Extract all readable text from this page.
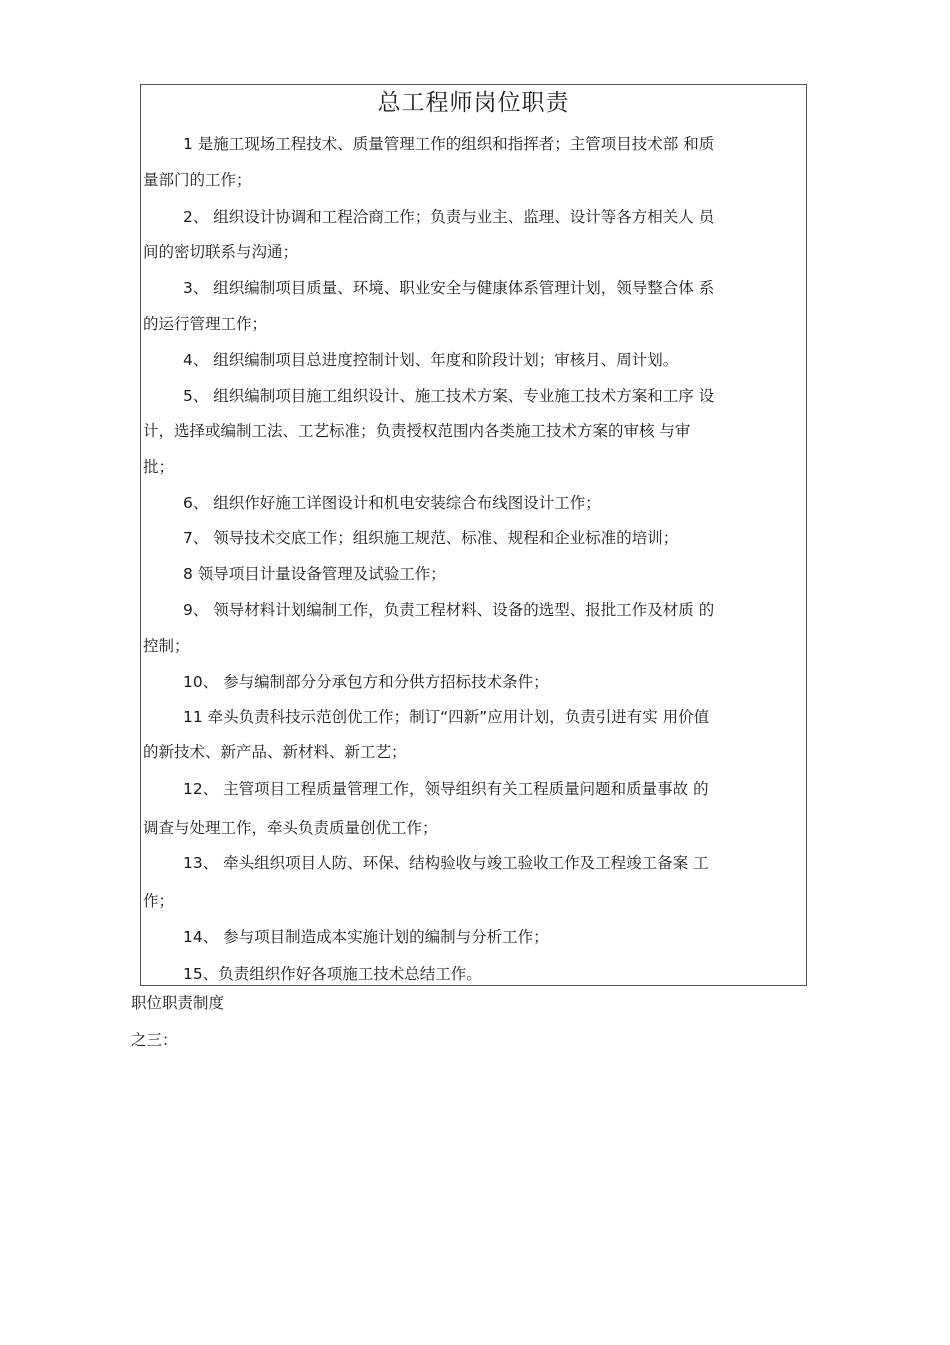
总工程师岗位职责
1 是施工现场工程技术、质量管理工作的组织和指挥者；主管项目技术部 和质
量部门的工作；
2、 组织设计协调和工程洽商工作；负责与业主、监理、设计等各方相关人 员
间的密切联系与沟通；
3、 组织编制项目质量、环境、职业安全与健康体系管理计划，领导整合体 系
的运行管理工作；
4、 组织编制项目总进度控制计划、年度和阶段计划；审核月、周计划。
5、 组织编制项目施工组织设计、施工技术方案、专业施工技术方案和工序 设
计，选择或编制工法、工艺标准；负责授权范围内各类施工技术方案的审核 与审
批；
6、 组织作好施工详图设计和机电安装综合布线图设计工作；
7、 领导技术交底工作；组织施工规范、标准、规程和企业标准的培训；
8 领导项目计量设备管理及试验工作；
9、 领导材料计划编制工作，负责工程材料、设备的选型、报批工作及材质 的
控制；
10、 参与编制部分分承包方和分供方招标技术条件；
11 牵头负责科技示范创优工作；制订“四新”应用计划，负责引进有实 用价值
的新技术、新产品、新材料、新工艺；
12、 主管项目工程质量管理工作，领导组织有关工程质量问题和质量事故 的
调查与处理工作，牵头负责质量创优工作；
13、 牵头组织项目人防、环保、结构验收与竣工验收工作及工程竣工备案 工
作；
14、 参与项目制造成本实施计划的编制与分析工作；
15、负责组织作好各项施工技术总结工作。
职位职责制度
之三：
